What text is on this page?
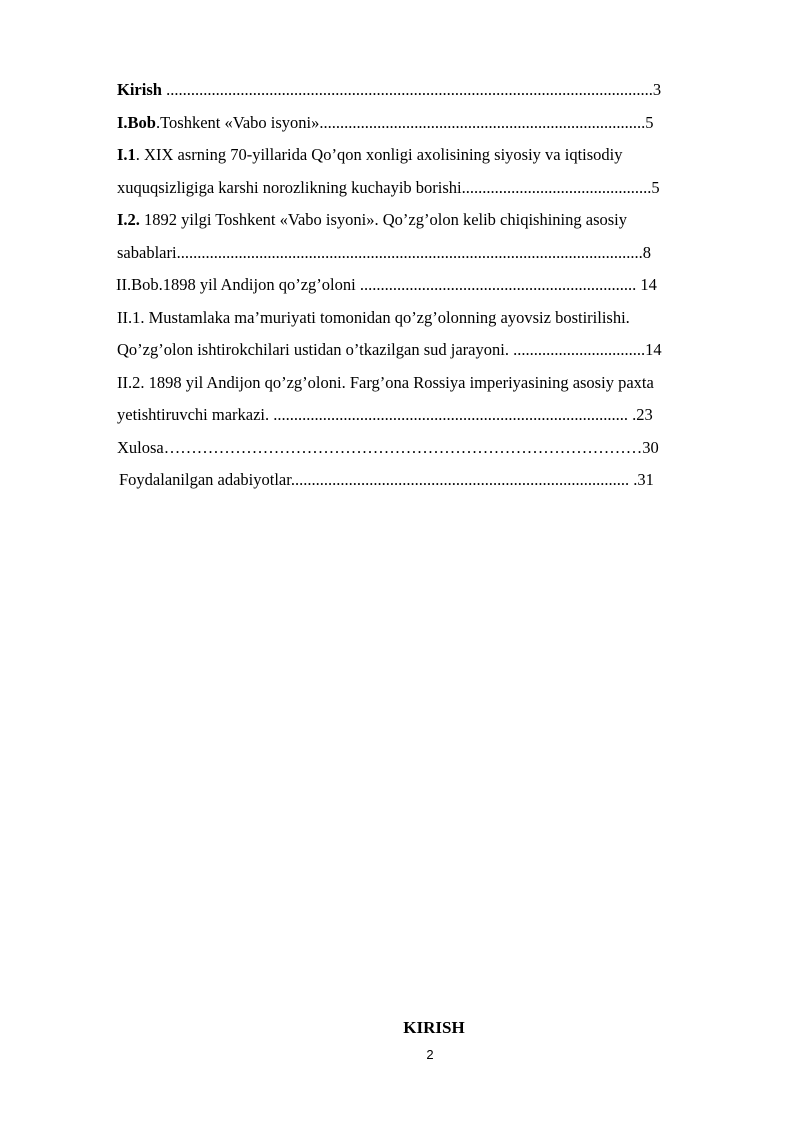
Kirish ......................................................................................................................3
I.Bob.Toshkent «Vabo isyoni»...............................................................................5
I.1. XIX asrning 70-yillarida Qo’qon xonligi axolisining siyosiy va iqtisodiy
xuquqsizligiga karshi norozlikning kuchayib borishi..............................................5
I.2. 1892 yilgi Toshkent «Vabo isyoni». Qo’zg’olon kelib chiqishining asosiy
sabablari.................................................................................................................8
II.Bob.1898 yil Andijon qo’zg’oloni ................................................................... 14
II.1. Mustamlaka ma’muriyati tomonidan qo’zg’olonning ayovsiz bostirilishi.
Qo’zg’olon ishtirokchilari ustidan o’tkazilgan sud jarayoni. ................................14
II.2. 1898 yil Andijon qo’zg’oloni. Farg’ona Rossiya imperiyasining asosiy paxta
yetishtiruvchi markazi. ...................................................................................... .23
Xulosa……………………………………………………………………………30
Foydalanilgan adabiyotlar.................................................................................. .31
KIRISH
2
